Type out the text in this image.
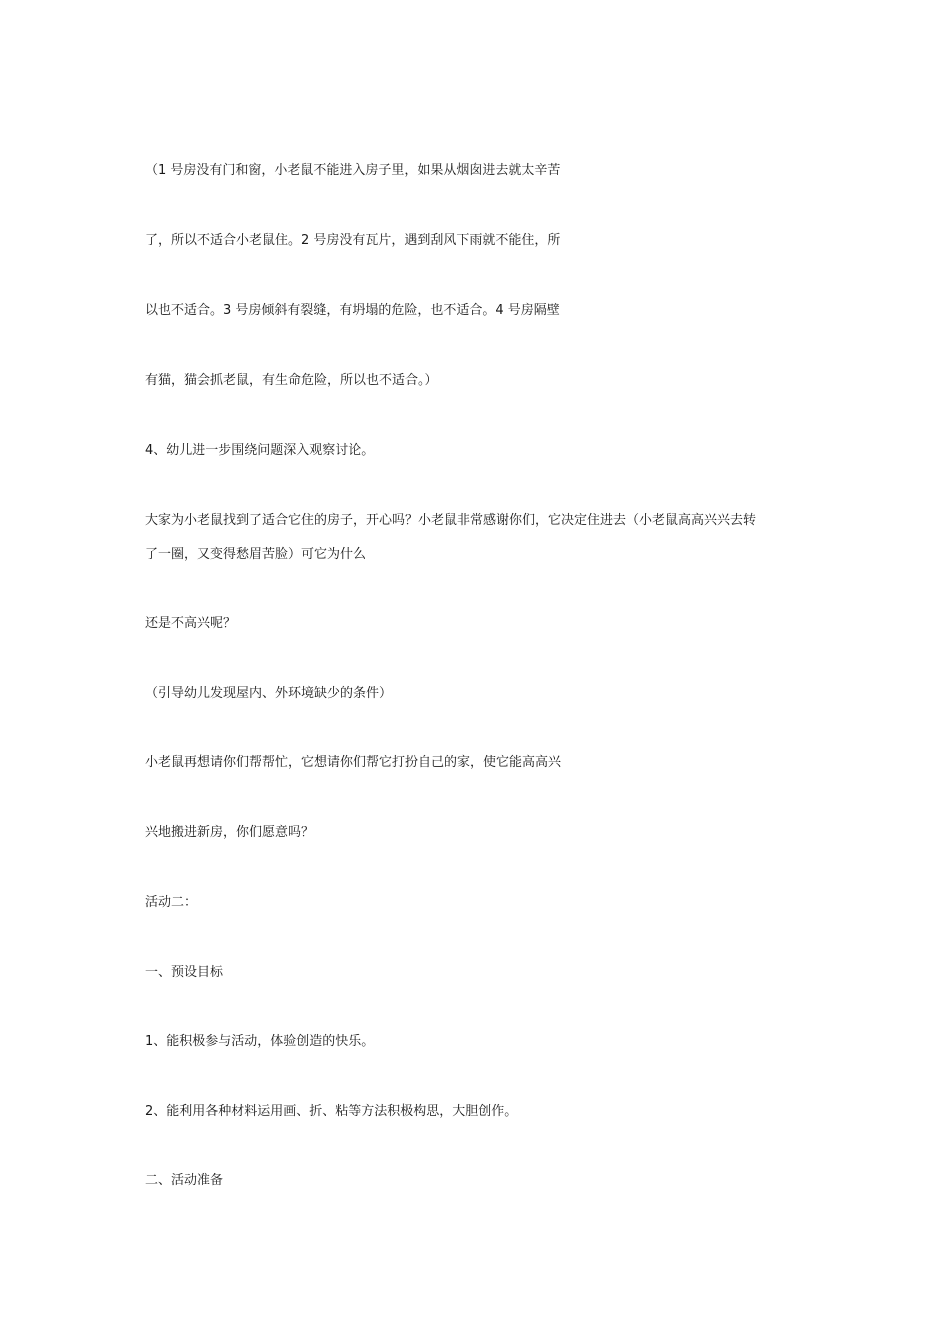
（1 号房没有门和窗，小老鼠不能进入房子里，如果从烟囱进去就太辛苦
了，所以不适合小老鼠住。2 号房没有瓦片，遇到刮风下雨就不能住，所
以也不适合。3 号房倾斜有裂缝，有坍塌的危险，也不适合。4 号房隔壁
有猫，猫会抓老鼠，有生命危险，所以也不适合。）
4、幼儿进一步围绕问题深入观察讨论。
大家为小老鼠找到了适合它住的房子，开心吗？小老鼠非常感谢你们，它决定住进去（小老鼠高高兴兴去转
了一圈，又变得愁眉苦脸）可它为什么
还是不高兴呢？
（引导幼儿发现屋内、外环境缺少的条件）
小老鼠再想请你们帮帮忙，它想请你们帮它打扮自己的家，使它能高高兴
兴地搬进新房，你们愿意吗？
活动二：
一、预设目标
1、能积极参与活动，体验创造的快乐。
2、能利用各种材料运用画、折、粘等方法积极构思，大胆创作。
二、活动准备
